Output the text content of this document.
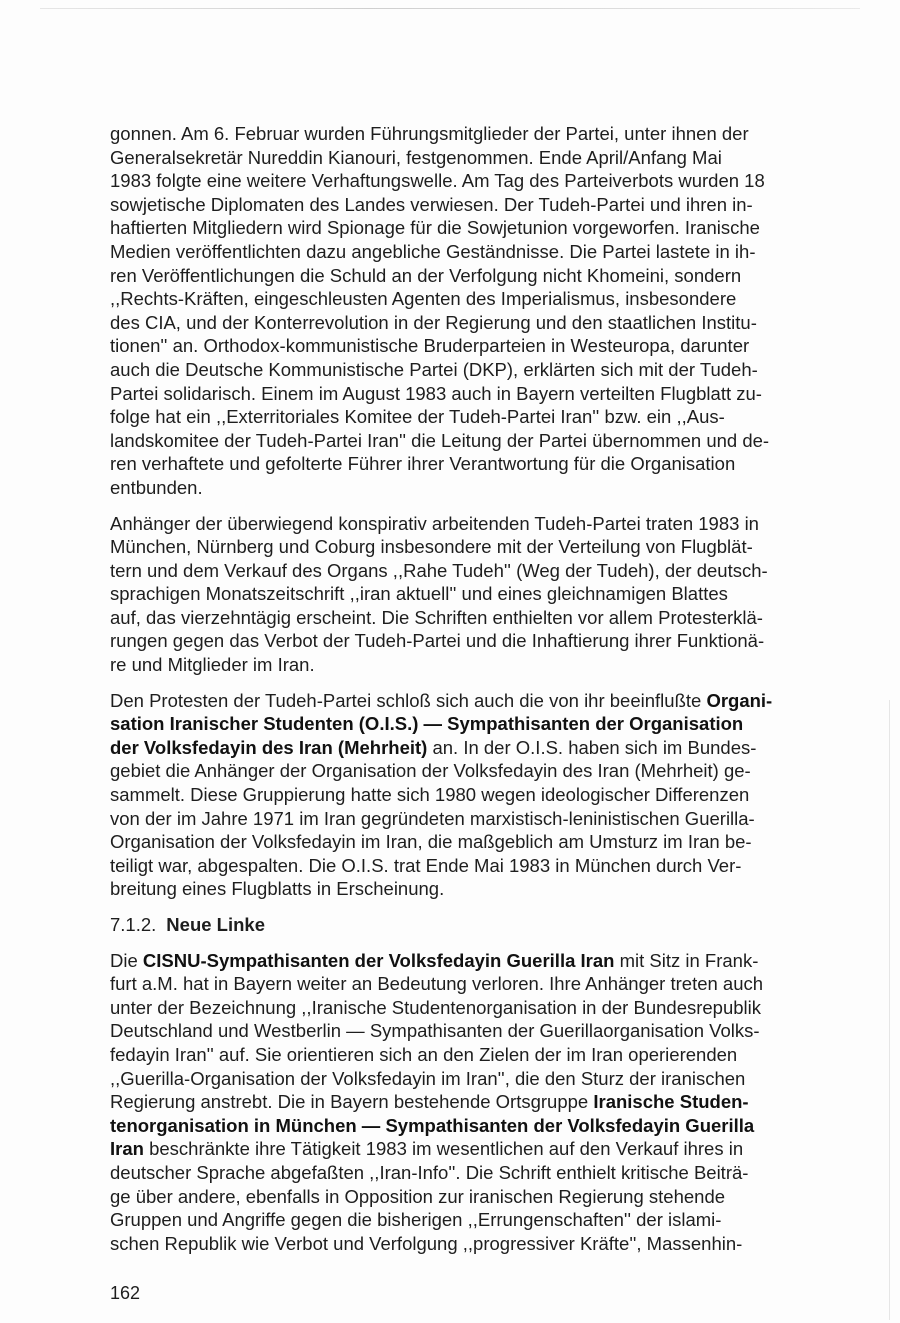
gonnen. Am 6. Februar wurden Führungsmitglieder der Partei, unter ihnen der
Generalsekretär Nureddin Kianouri, festgenommen. Ende April/Anfang Mai
1983 folgte eine weitere Verhaftungswelle. Am Tag des Parteiverbots wurden 18
sowjetische Diplomaten des Landes verwiesen. Der Tudeh-Partei und ihren in-
haftierten Mitgliedern wird Spionage für die Sowjetunion vorgeworfen. Iranische
Medien veröffentlichten dazu angebliche Geständnisse. Die Partei lastete in ih-
ren Veröffentlichungen die Schuld an der Verfolgung nicht Khomeini, sondern
,,Rechts-Kräften, eingeschleusten Agenten des Imperialismus, insbesondere
des CIA, und der Konterrevolution in der Regierung und den staatlichen Institu-
tionen'' an. Orthodox-kommunistische Bruderparteien in Westeuropa, darunter
auch die Deutsche Kommunistische Partei (DKP), erklärten sich mit der Tudeh-
Partei solidarisch. Einem im August 1983 auch in Bayern verteilten Flugblatt zu-
folge hat ein ,,Exterritoriales Komitee der Tudeh-Partei Iran'' bzw. ein ,,Aus-
landskomitee der Tudeh-Partei Iran'' die Leitung der Partei übernommen und de-
ren verhaftete und gefolterte Führer ihrer Verantwortung für die Organisation
entbunden.

Anhänger der überwiegend konspirativ arbeitenden Tudeh-Partei traten 1983 in
München, Nürnberg und Coburg insbesondere mit der Verteilung von Flugblät-
tern und dem Verkauf des Organs ,,Rahe Tudeh'' (Weg der Tudeh), der deutsch-
sprachigen Monatszeitschrift ,,iran aktuell'' und eines gleichnamigen Blattes
auf, das vierzehntägig erscheint. Die Schriften enthielten vor allem Protesterklä-
rungen gegen das Verbot der Tudeh-Partei und die Inhaftierung ihrer Funktionä-
re und Mitglieder im Iran.

Den Protesten der Tudeh-Partei schloß sich auch die von ihr beeinflußte Organi-
sation Iranischer Studenten (O.I.S.) — Sympathisanten der Organisation
der Volksfedayin des Iran (Mehrheit) an. In der O.I.S. haben sich im Bundes-
gebiet die Anhänger der Organisation der Volksfedayin des Iran (Mehrheit) ge-
sammelt. Diese Gruppierung hatte sich 1980 wegen ideologischer Differenzen
von der im Jahre 1971 im Iran gegründeten marxistisch-leninistischen Guerilla-
Organisation der Volksfedayin im Iran, die maßgeblich am Umsturz im Iran be-
teiligt war, abgespalten. Die O.I.S. trat Ende Mai 1983 in München durch Ver-
breitung eines Flugblatts in Erscheinung.

7.1.2. Neue Linke

Die CISNU-Sympathisanten der Volksfedayin Guerilla Iran mit Sitz in Frank-
furt a.M. hat in Bayern weiter an Bedeutung verloren. Ihre Anhänger treten auch
unter der Bezeichnung ,,Iranische Studentenorganisation in der Bundesrepublik
Deutschland und Westberlin — Sympathisanten der Guerillaorganisation Volks-
fedayin Iran'' auf. Sie orientieren sich an den Zielen der im Iran operierenden
,,Guerilla-Organisation der Volksfedayin im Iran'', die den Sturz der iranischen
Regierung anstrebt. Die in Bayern bestehende Ortsgruppe Iranische Studen-
tenorganisation in München — Sympathisanten der Volksfedayin Guerilla
Iran beschränkte ihre Tätigkeit 1983 im wesentlichen auf den Verkauf ihres in
deutscher Sprache abgefaßten ,,Iran-Info''. Die Schrift enthielt kritische Beiträ-
ge über andere, ebenfalls in Opposition zur iranischen Regierung stehende
Gruppen und Angriffe gegen die bisherigen ,,Errungenschaften'' der islami-
schen Republik wie Verbot und Verfolgung ,,progressiver Kräfte'', Massenhin-

162
